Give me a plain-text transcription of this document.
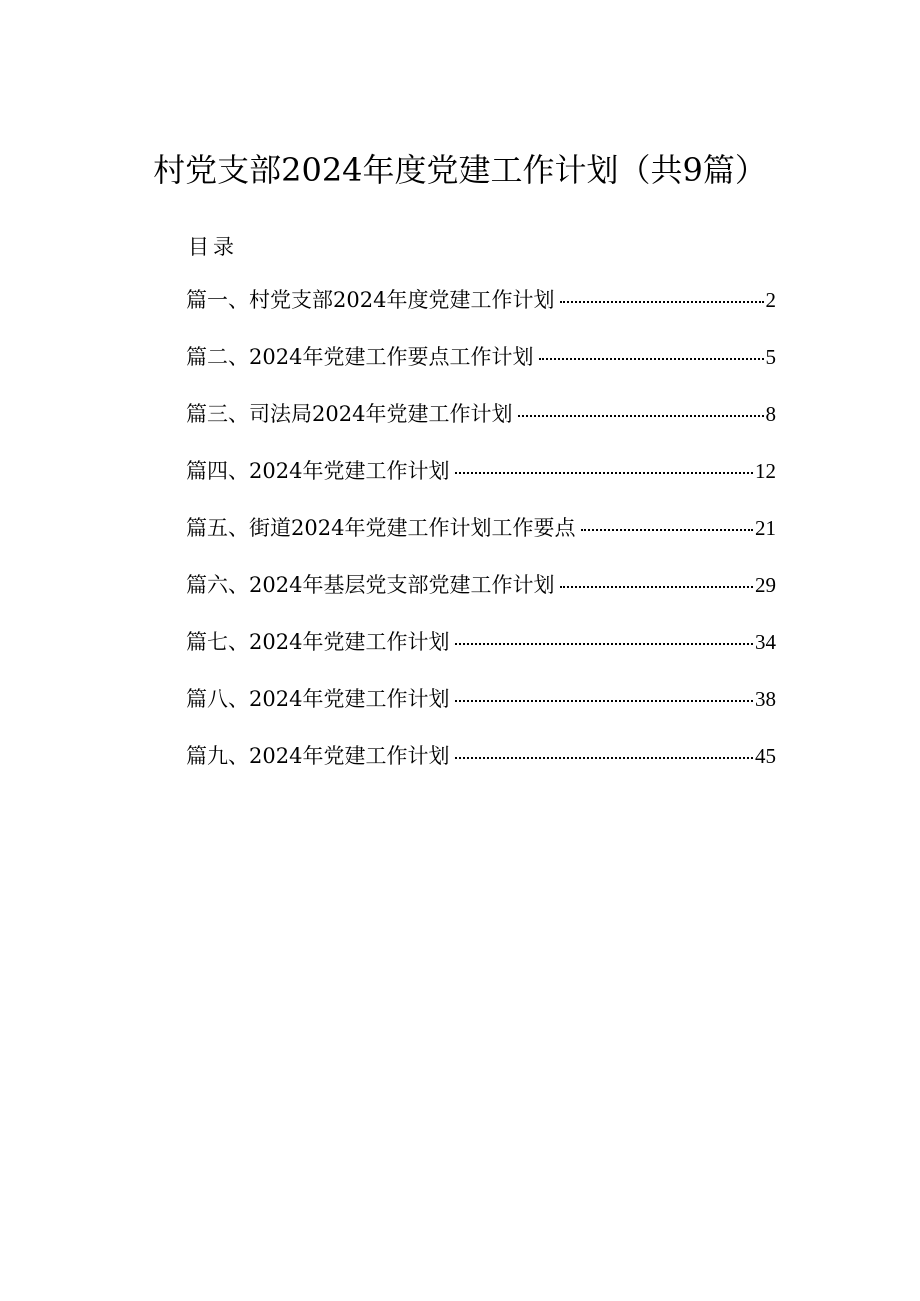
村党支部2024年度党建工作计划（共9篇）
目录
篇一、村党支部2024年度党建工作计划	2
篇二、2024年党建工作要点工作计划	5
篇三、司法局2024年党建工作计划	8
篇四、2024年党建工作计划	12
篇五、街道2024年党建工作计划工作要点	21
篇六、2024年基层党支部党建工作计划	29
篇七、2024年党建工作计划	34
篇八、2024年党建工作计划	38
篇九、2024年党建工作计划	45
